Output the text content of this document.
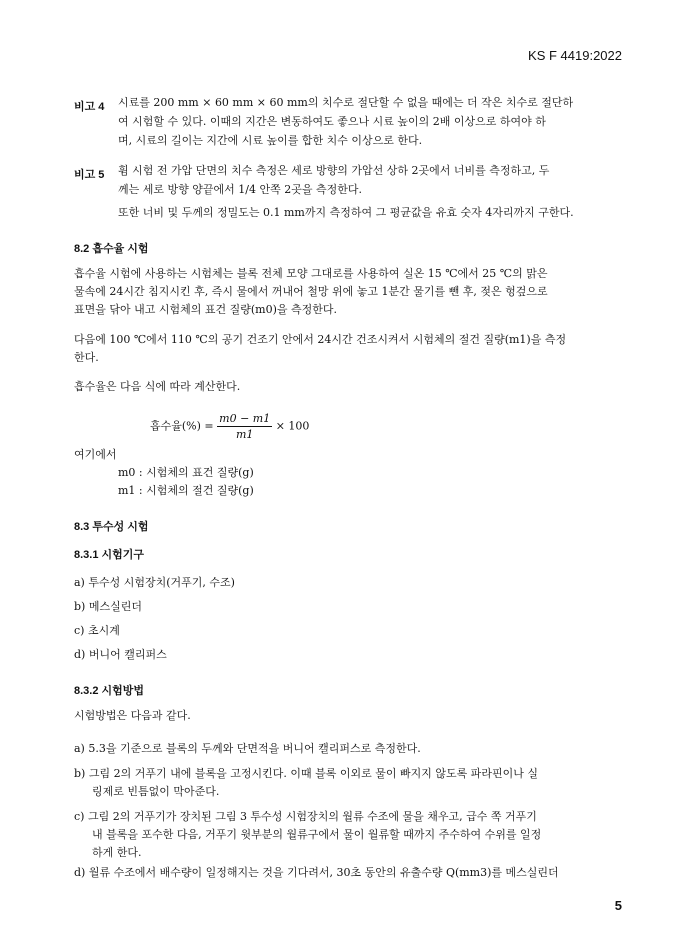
KS F 4419:2022
비고 4 시료를 200 mm × 60 mm × 60 mm의 치수로 절단할 수 없을 때에는 더 작은 치수로 절단하
여 시험할 수 있다. 이때의 지간은 변동하여도 좋으나 시료 높이의 2배 이상으로 하여야 하
며, 시료의 길이는 지간에 시료 높이를 합한 치수 이상으로 한다.
비고 5 휨 시험 전 가압 단면의 치수 측정은 세로 방향의 가압선 상하 2곳에서 너비를 측정하고, 두
께는 세로 방향 양끝에서 1/4 안쪽 2곳을 측정한다.
또한 너비 및 두께의 정밀도는 0.1 mm까지 측정하여 그 평균값을 유효 숫자 4자리까지 구한다.
8.2 흡수율 시험
흡수율 시험에 사용하는 시험체는 블록 전체 모양 그대로를 사용하여 실온 15 ℃에서 25 ℃의 맑은
물속에 24시간 침지시킨 후, 즉시 물에서 꺼내어 철망 위에 놓고 1분간 물기를 뺀 후, 젖은 헝겊으로
표면을 닦아 내고 시험체의 표건 질량(m0)을 측정한다.
다음에 100 ℃에서 110 ℃의 공기 건조기 안에서 24시간 건조시켜서 시험체의 절건 질량(m1)을 측정
한다.
흡수율은 다음 식에 따라 계산한다.
흡수율(%) = $\frac{m0 - m1}{m1} \times 100$
여기에서
m0 : 시험체의 표건 질량(g)
m1 : 시험체의 절건 질량(g)
8.3 투수성 시험
8.3.1 시험기구
a) 투수성 시험장치(거푸기, 수조)
b) 메스실린더
c) 초시계
d) 버니어 캘리퍼스
8.3.2 시험방법
시험방법은 다음과 같다.
a) 5.3을 기준으로 블록의 두께와 단면적을 버니어 캘리퍼스로 측정한다.
b) 그림 2의 거푸기 내에 블록을 고정시킨다. 이때 블록 이외로 물이 빠지지 않도록 파라핀이나 실
링제로 빈틈없이 막아준다.
c) 그림 2의 거푸기가 장치된 그림 3 투수성 시험장치의 월류 수조에 물을 채우고, 급수 쪽 거푸기
내 블록을 포수한 다음, 거푸기 윗부분의 월류구에서 물이 월류할 때까지 주수하여 수위를 일정
하게 한다.
d) 월류 수조에서 배수량이 일정해지는 것을 기다려서, 30초 동안의 유출수량 Q(mm3)를 메스실린더
5
